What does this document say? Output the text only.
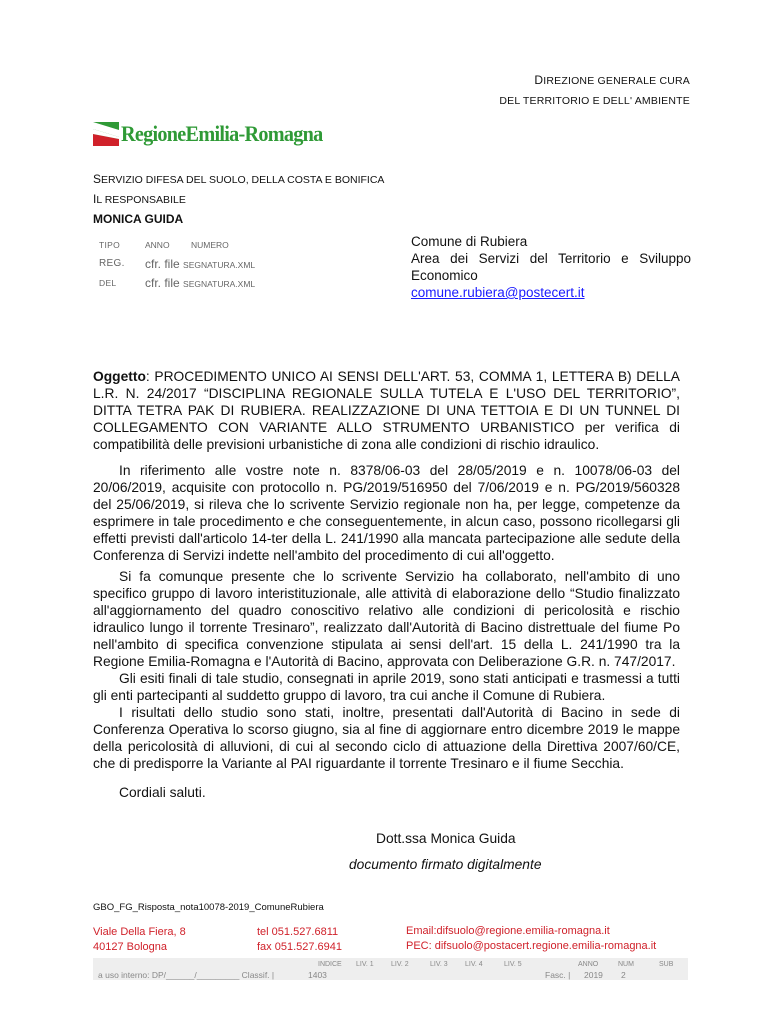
DIREZIONE GENERALE CURA
DEL TERRITORIO E DELL' AMBIENTE
RegioneEmilia-Romagna
SERVIZIO DIFESA DEL SUOLO, DELLA COSTA E BONIFICA
IL RESPONSABILE
MONICA GUIDA
TIPO	ANNO	NUMERO
REG.	cfr. file SEGNATURA.XML
DEL	cfr. file SEGNATURA.XML
Comune di Rubiera
Area dei Servizi del Territorio e Sviluppo Economico
comune.rubiera@postecert.it

Oggetto: PROCEDIMENTO UNICO AI SENSI DELL'ART. 53, COMMA 1, LETTERA B) DELLA L.R. N. 24/2017 “DISCIPLINA REGIONALE SULLA TUTELA E L'USO DEL TERRITORIO”, DITTA TETRA PAK DI RUBIERA. REALIZZAZIONE DI UNA TETTOIA E DI UN TUNNEL DI COLLEGAMENTO CON VARIANTE ALLO STRUMENTO URBANISTICO per verifica di compatibilità delle previsioni urbanistiche di zona alle condizioni di rischio idraulico.

In riferimento alle vostre note n. 8378/06-03 del 28/05/2019 e n. 10078/06-03 del 20/06/2019, acquisite con protocollo n. PG/2019/516950 del 7/06/2019 e n. PG/2019/560328 del 25/06/2019, si rileva che lo scrivente Servizio regionale non ha, per legge, competenze da esprimere in tale procedimento e che conseguentemente, in alcun caso, possono ricollegarsi gli effetti previsti dall'articolo 14-ter della L. 241/1990 alla mancata partecipazione alle sedute della Conferenza di Servizi indette nell'ambito del procedimento di cui all'oggetto.

Si fa comunque presente che lo scrivente Servizio ha collaborato, nell'ambito di uno specifico gruppo di lavoro interistituzionale, alle attività di elaborazione dello “Studio finalizzato all'aggiornamento del quadro conoscitivo relativo alle condizioni di pericolosità e rischio idraulico lungo il torrente Tresinaro”, realizzato dall'Autorità di Bacino distrettuale del fiume Po nell'ambito di specifica convenzione stipulata ai sensi dell'art. 15 della L. 241/1990 tra la Regione Emilia-Romagna e l'Autorità di Bacino, approvata con Deliberazione G.R. n. 747/2017.

Gli esiti finali di tale studio, consegnati in aprile 2019, sono stati anticipati e trasmessi a tutti gli enti partecipanti al suddetto gruppo di lavoro, tra cui anche il Comune di Rubiera.

I risultati dello studio sono stati, inoltre, presentati dall'Autorità di Bacino in sede di Conferenza Operativa lo scorso giugno, sia al fine di aggiornare entro dicembre 2019 le mappe della pericolosità di alluvioni, di cui al secondo ciclo di attuazione della Direttiva 2007/60/CE, che di predisporre la Variante al PAI riguardante il torrente Tresinaro e il fiume Secchia.

Cordiali saluti.
Dott.ssa Monica Guida
documento firmato digitalmente
GBO_FG_Risposta_nota10078-2019_ComuneRubiera
Viale Della Fiera, 8
40127 Bologna
tel 051.527.6811
fax 051.527.6941
Email:difsuolo@regione.emilia-romagna.it
PEC: difsuolo@postacert.regione.emilia-romagna.it
INDICE LIV. 1 LIV. 2	LIV. 3 LIV. 4	LIV. 5	ANNO	NUM	SUB
a uso interno: DP/______/_________ Classif. |	1403	Fasc. | 2019 2
